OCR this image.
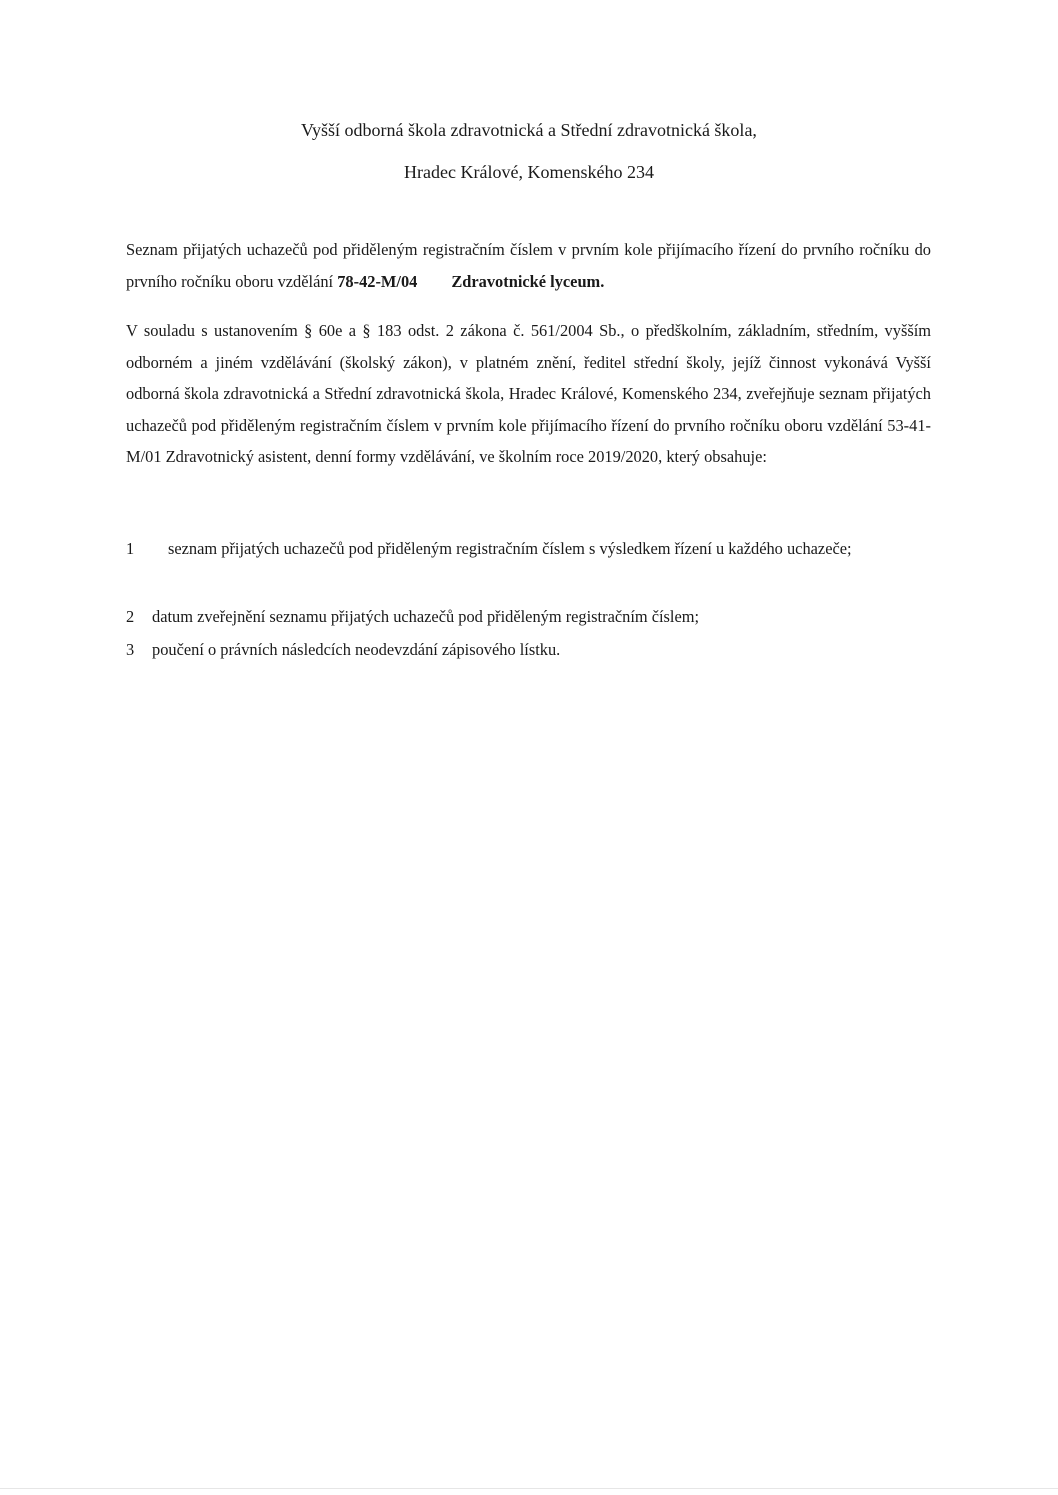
Vyšší odborná škola zdravotnická a Střední zdravotnická škola,
Hradec Králové, Komenského 234
Seznam přijatých uchazečů pod přiděleným registračním číslem v prvním kole přijímacího řízení do prvního ročníku do prvního ročníku oboru vzdělání 78-42-M/04 Zdravotnické lyceum.
V souladu s ustanovením § 60e a § 183 odst. 2 zákona č. 561/2004 Sb., o předškolním, základním, středním, vyšším odborném a jiném vzdělávání (školský zákon), v platném znění, ředitel střední školy, jejíž činnost vykonává Vyšší odborná škola zdravotnická a Střední zdravotnická škola, Hradec Králové, Komenského 234, zveřejňuje seznam přijatých uchazečů pod přiděleným registračním číslem v prvním kole přijímacího řízení do prvního ročníku oboru vzdělání 53-41-M/01 Zdravotnický asistent, denní formy vzdělávání, ve školním roce 2019/2020, který obsahuje:
1 seznam přijatých uchazečů pod přiděleným registračním číslem s výsledkem řízení u každého uchazeče;
2 datum zveřejnění seznamu přijatých uchazečů pod přiděleným registračním číslem;
3 poučení o právních následcích neodevzdání zápisového lístku.
